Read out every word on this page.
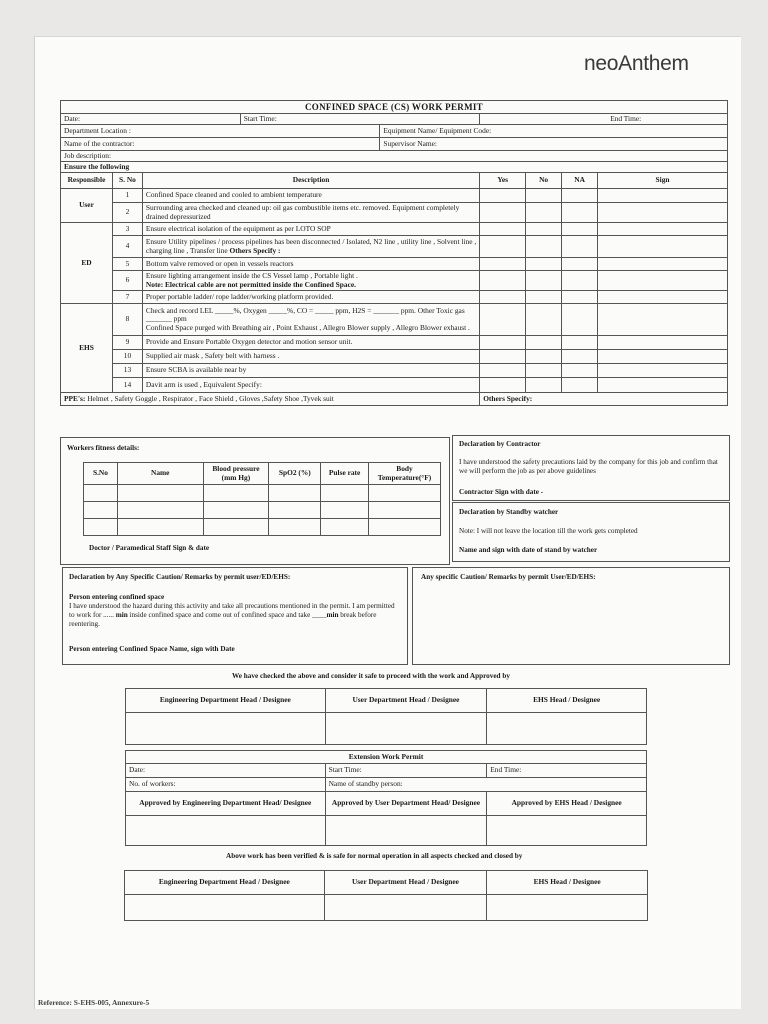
neoAnthem
CONFINED SPACE (CS) WORK PERMIT								
Date:			Start Time:		End Time:			
Department Location :				Equipment Name/ Equipment Code:				
Name of the contractor:				Supervisor Name:				
Job description:								
Ensure the following								
Responsible	S. No	Description			Yes	No	NA	Sign
User	1	Confined Space cleaned and cooled to ambient temperature						
	2	Surrounding area checked and cleaned up: oil gas combustible items etc. removed. Equipment completely drained depressurized						
ED	3	Ensure electrical isolation of the equipment as per LOTO SOP						
	4	Ensure Utility pipelines / process pipelines has been disconnected / Isolated, N2 line , utility line , Solvent line , charging line , Transfer line Others Specify :						
	5	Bottom valve removed or open in vessels reactors						
	6	Ensure lighting arrangement inside the CS Vessel lamp , Portable light .
Note: Electrical cable are not permitted inside the Confined Space.						
	7	Proper portable ladder/ rope ladder/working platform provided.						
EHS	8	Check and record LEL _____%, Oxygen _____%, CO = _____ ppm, H2S = _______ ppm. Other Toxic gas _______ ppm
Confined Space purged with Breathing air , Point Exhaust , Allegro Blower supply , Allegro Blower exhaust .						
	9	Provide and Ensure Portable Oxygen detector and motion sensor unit.						
	10	Supplied air mask , Safety belt with harness .						
	13	Ensure SCBA is available near by						
	14	Davit arm is used , Equivalent Specify:						
PPE's: Helmet , Safety Goggle , Respirator , Face Shield , Gloves ,Safety Shoe ,Tyvek suit					Others Specify:			
Workers fitness details:
S.No	Name	Blood pressure (mm Hg)	SpO2 (%)	Pulse rate	Body Temperature(°F)

Doctor / Paramedical Staff Sign & date
Declaration by Contractor
I have understood the safety precautions laid by the company for this job and confirm that we will perform the job as per above guidelines
Contractor Sign with date -
Declaration by Standby watcher
Note: I will not leave the location till the work gets completed
Name and sign with date of stand by watcher
Declaration by Any Specific Caution/ Remarks by permit user/ED/EHS:
Person entering confined space
I have understood the hazard during this activity and take all precautions mentioned in the permit. I am permitted to work for ...... min inside confined space and come out of confined space and take ____min break before reentering.
Person entering Confined Space Name, sign with Date
Any specific Caution/ Remarks by permit User/ED/EHS:
We have checked the above and consider it safe to proceed with the work and Approved by
Engineering Department Head / Designee	User Department Head / Designee	EHS Head / Designee

Extension Work Permit		
Date:	Start Time:	End Time:
No. of workers:	Name of standby person:	
Approved by Engineering Department Head/ Designee	Approved by User Department Head/ Designee	Approved by EHS Head / Designee

Above work has been verified & is safe for normal operation in all aspects checked and closed by
Engineering Department Head / Designee	User Department Head / Designee	EHS Head / Designee

Reference: S-EHS-005, Annexure-5
